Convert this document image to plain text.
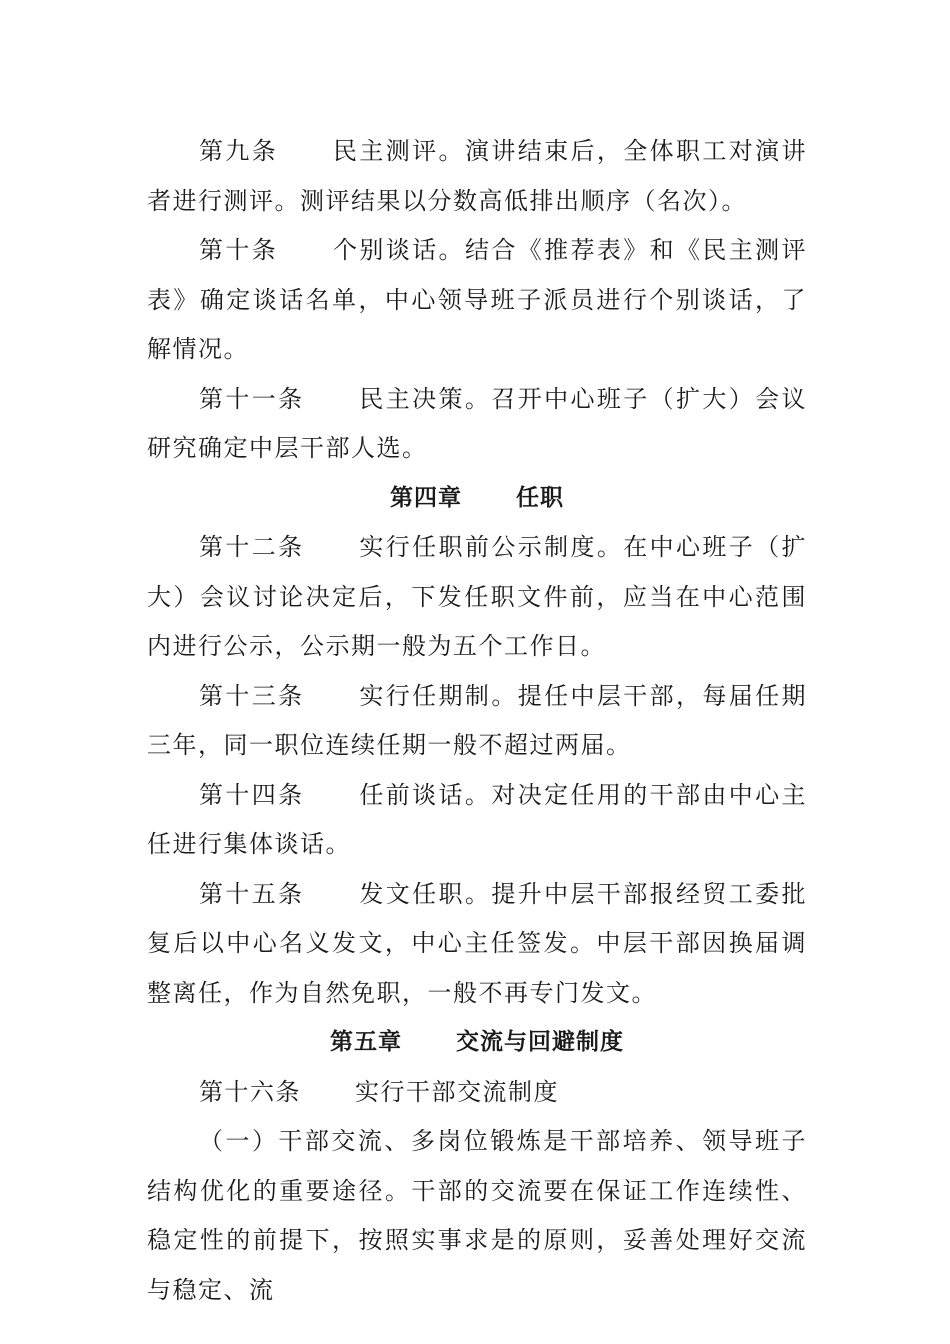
第九条 民主测评。演讲结束后，全体职工对演讲者进行测评。测评结果以分数高低排出顺序（名次）。

第十条 个别谈话。结合《推荐表》和《民主测评表》确定谈话名单，中心领导班子派员进行个别谈话，了解情况。

第十一条 民主决策。召开中心班子（扩大）会议研究确定中层干部人选。

第四章 任职

第十二条 实行任职前公示制度。在中心班子（扩大）会议讨论决定后，下发任职文件前，应当在中心范围内进行公示，公示期一般为五个工作日。

第十三条 实行任期制。提任中层干部，每届任期三年，同一职位连续任期一般不超过两届。

第十四条 任前谈话。对决定任用的干部由中心主任进行集体谈话。

第十五条 发文任职。提升中层干部报经贸工委批复后以中心名义发文，中心主任签发。中层干部因换届调整离任，作为自然免职，一般不再专门发文。

第五章 交流与回避制度

第十六条 实行干部交流制度

（一）干部交流、多岗位锻炼是干部培养、领导班子结构优化的重要途径。干部的交流要在保证工作连续性、稳定性的前提下，按照实事求是的原则，妥善处理好交流与稳定、流
